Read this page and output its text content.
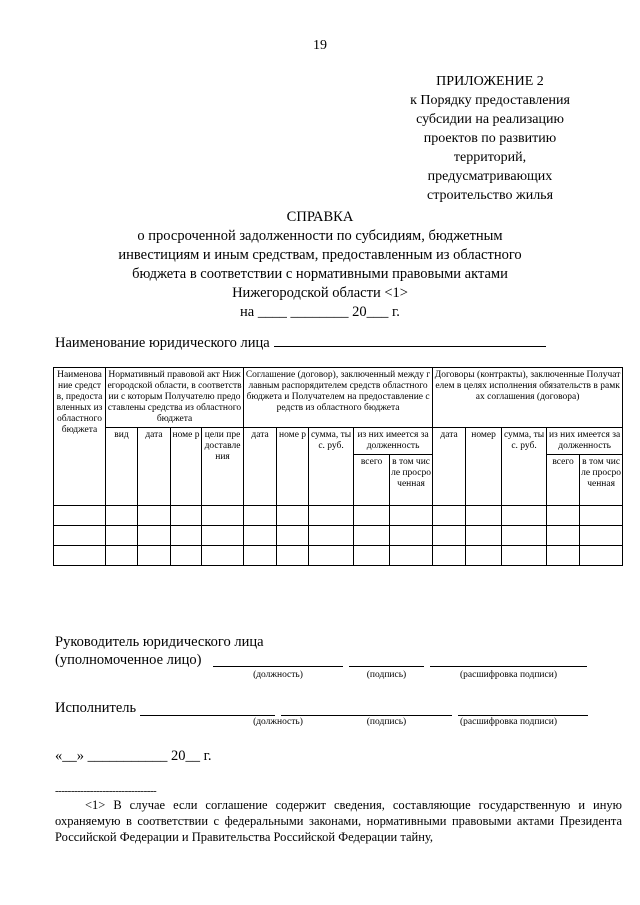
19
ПРИЛОЖЕНИЕ 2
к Порядку предоставления
субсидии на реализацию
проектов по развитию
территорий,
предусматривающих
строительство жилья
СПРАВКА
о просроченной задолженности по субсидиям, бюджетным
инвестициям и иным средствам, предоставленным из областного
бюджета в соответствии с нормативными правовыми актами
Нижегородской области <1>
на ____ ________ 20___ г.
Наименование юридического лица
Наименование средств, предоставленных из областного бюджета	Нормативный правовой акт Нижегородской области, в соответствии с которым Получателю предоставлены средства из областного бюджета				Соглашение (договор), заключенный между главным распорядителем средств областного бюджета и Получателем на предоставление средств из областного бюджета					Договоры (контракты), заключенные Получателем в целях исполнения обязательств в рамках соглашения (договора)				
	вид	дата	номе р	цели предоставления	дата	номе р	сумма, тыс. руб.	из них имеется задолженность		дата	номер	сумма, тыс. руб.	из них имеется задолженность	
								всего	в том числе просроченная				всего	в том числе просроченная

Руководитель юридического лица
(уполномоченное лицо)
(должность)	(подпись)	(расшифровка подписи)
Исполнитель
(должность)	(подпись)	(расшифровка подписи)
«__» ___________ 20__ г.
--------------------------------
<1> В случае если соглашение содержит сведения, составляющие государственную и иную охраняемую в соответствии с федеральными законами, нормативными правовыми актами Президента Российской Федерации и Правительства Российской Федерации тайну,
